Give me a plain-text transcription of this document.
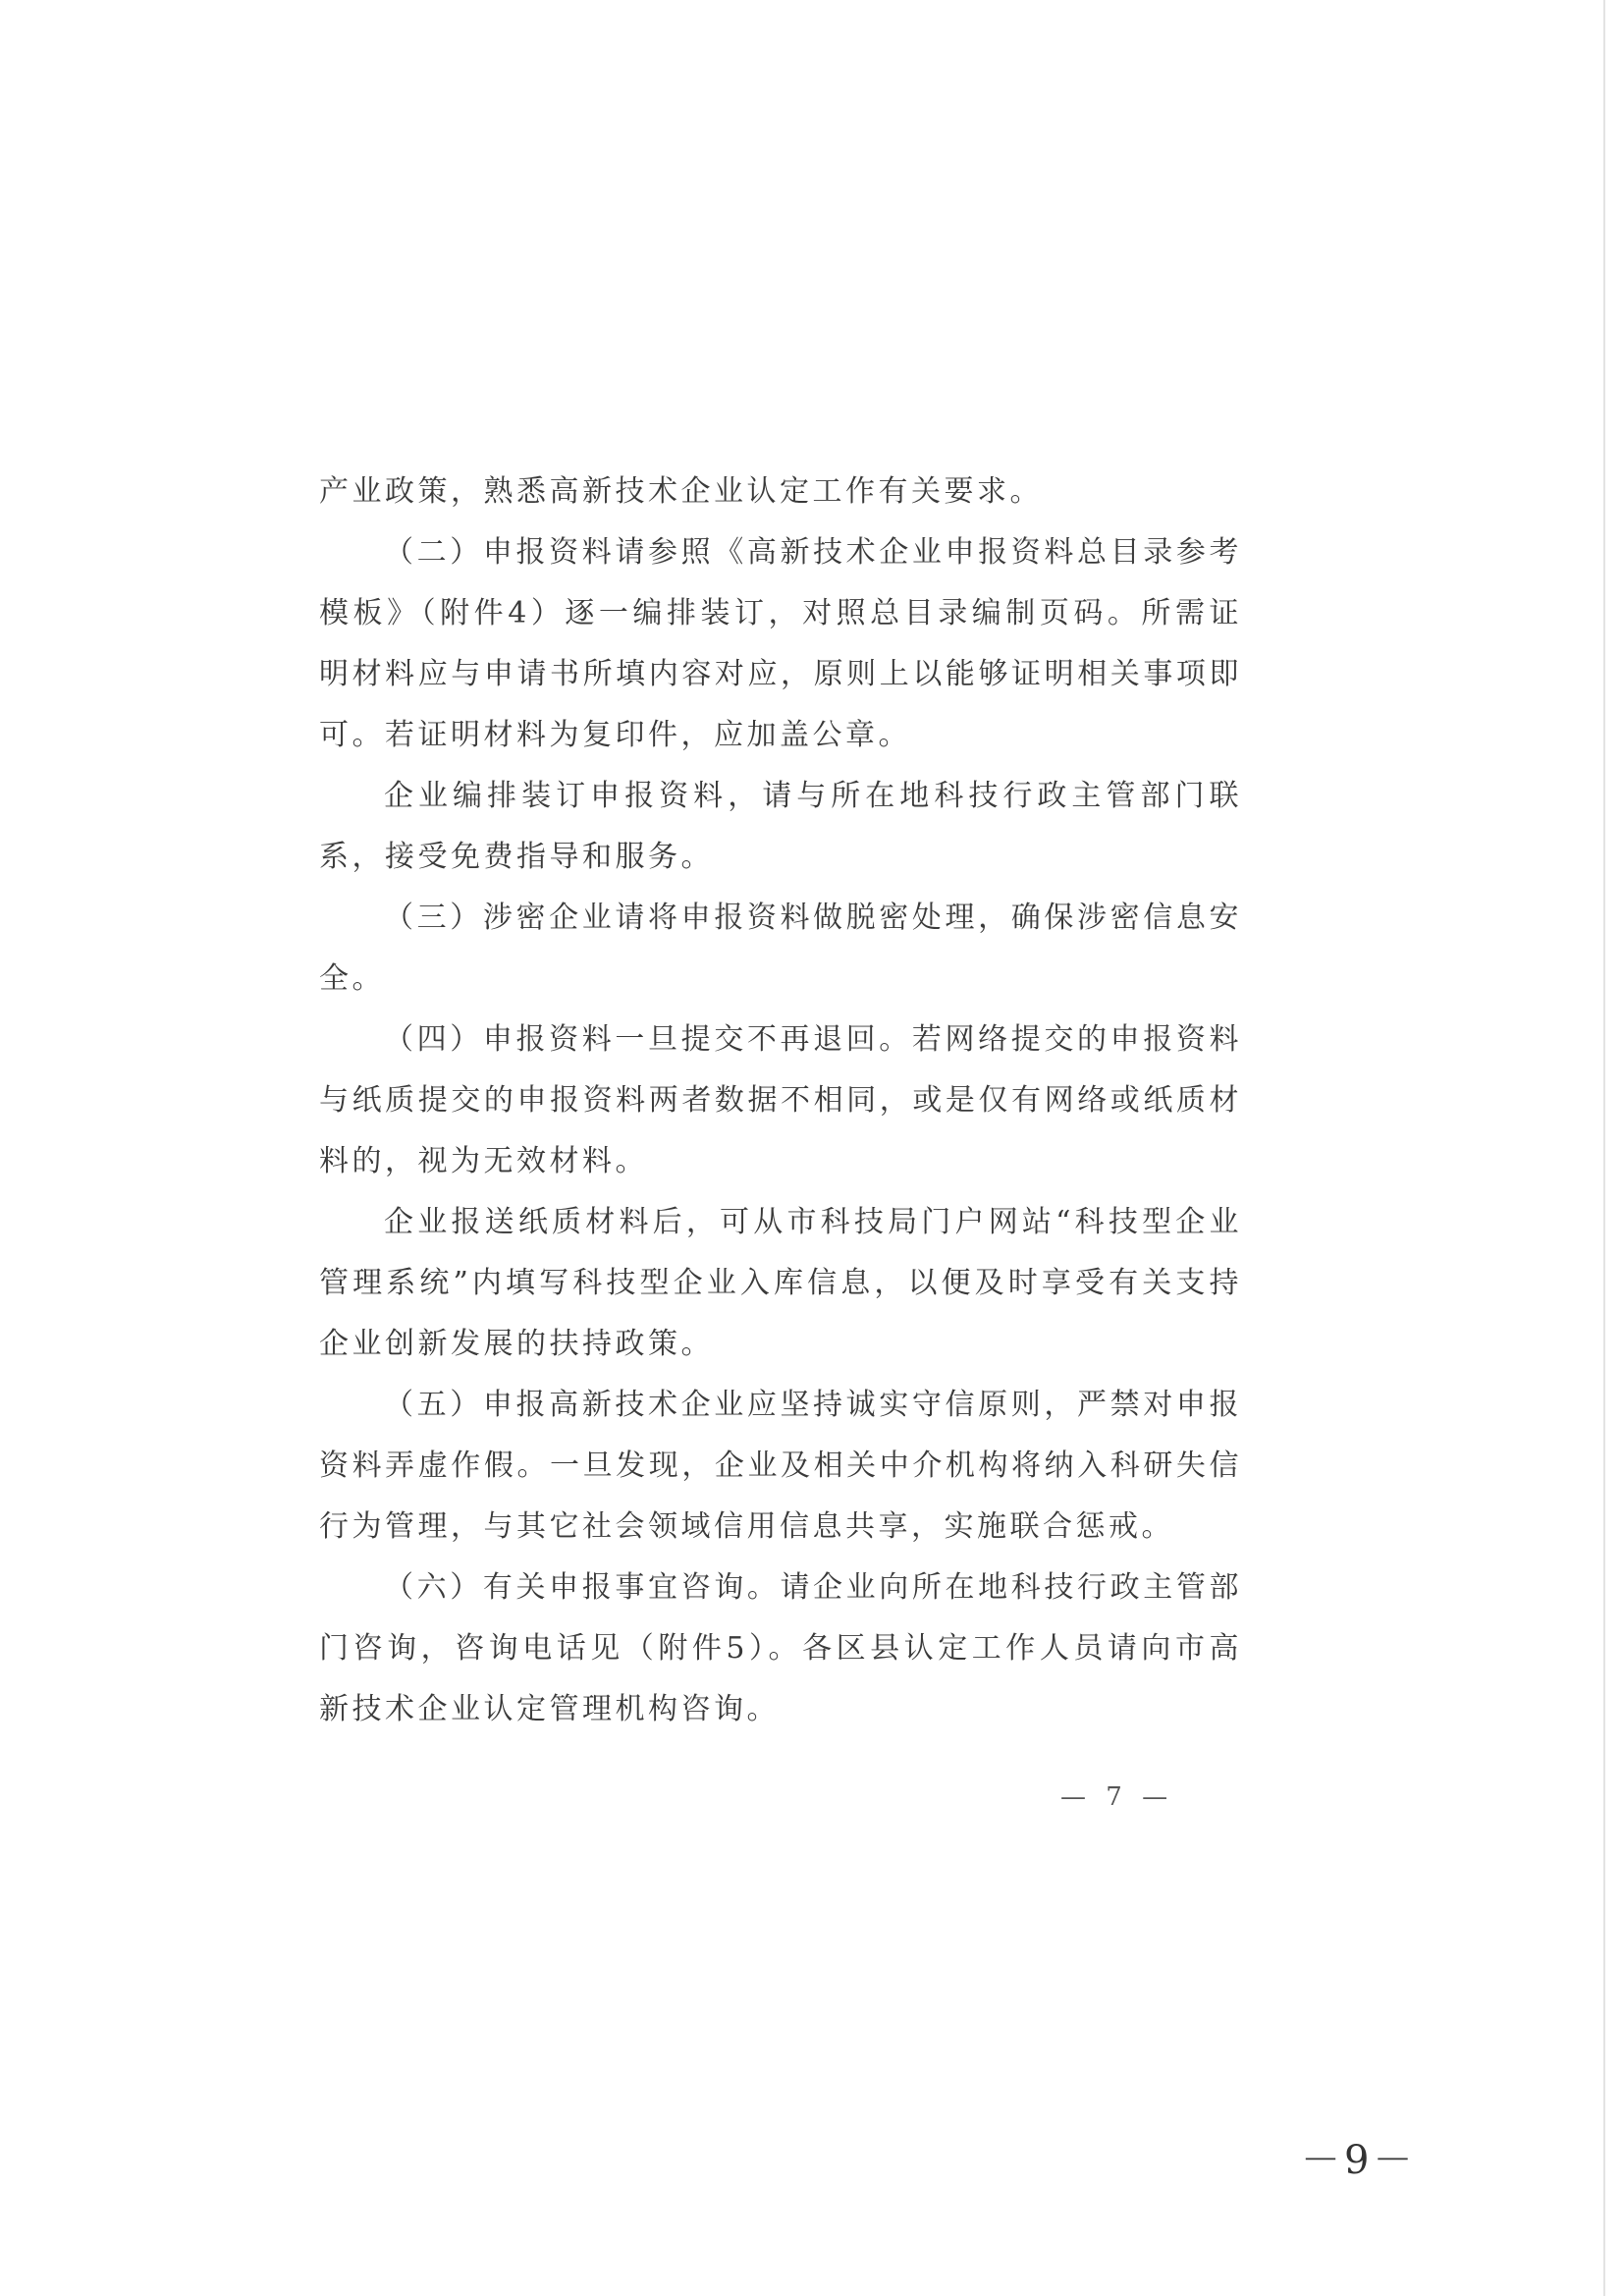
产业政策，熟悉高新技术企业认定工作有关要求。

（二）申报资料请参照《高新技术企业申报资料总目录参考模板》（附件4）逐一编排装订，对照总目录编制页码。所需证明材料应与申请书所填内容对应，原则上以能够证明相关事项即可。若证明材料为复印件，应加盖公章。

企业编排装订申报资料，请与所在地科技行政主管部门联系，接受免费指导和服务。

（三）涉密企业请将申报资料做脱密处理，确保涉密信息安全。

（四）申报资料一旦提交不再退回。若网络提交的申报资料与纸质提交的申报资料两者数据不相同，或是仅有网络或纸质材料的，视为无效材料。

企业报送纸质材料后，可从市科技局门户网站“科技型企业管理系统”内填写科技型企业入库信息，以便及时享受有关支持企业创新发展的扶持政策。

（五）申报高新技术企业应坚持诚实守信原则，严禁对申报资料弄虚作假。一旦发现，企业及相关中介机构将纳入科研失信行为管理，与其它社会领域信用信息共享，实施联合惩戒。

（六）有关申报事宜咨询。请企业向所在地科技行政主管部门咨询，咨询电话见（附件5）。各区县认定工作人员请向市高新技术企业认定管理机构咨询。

— 7 —
－9－
